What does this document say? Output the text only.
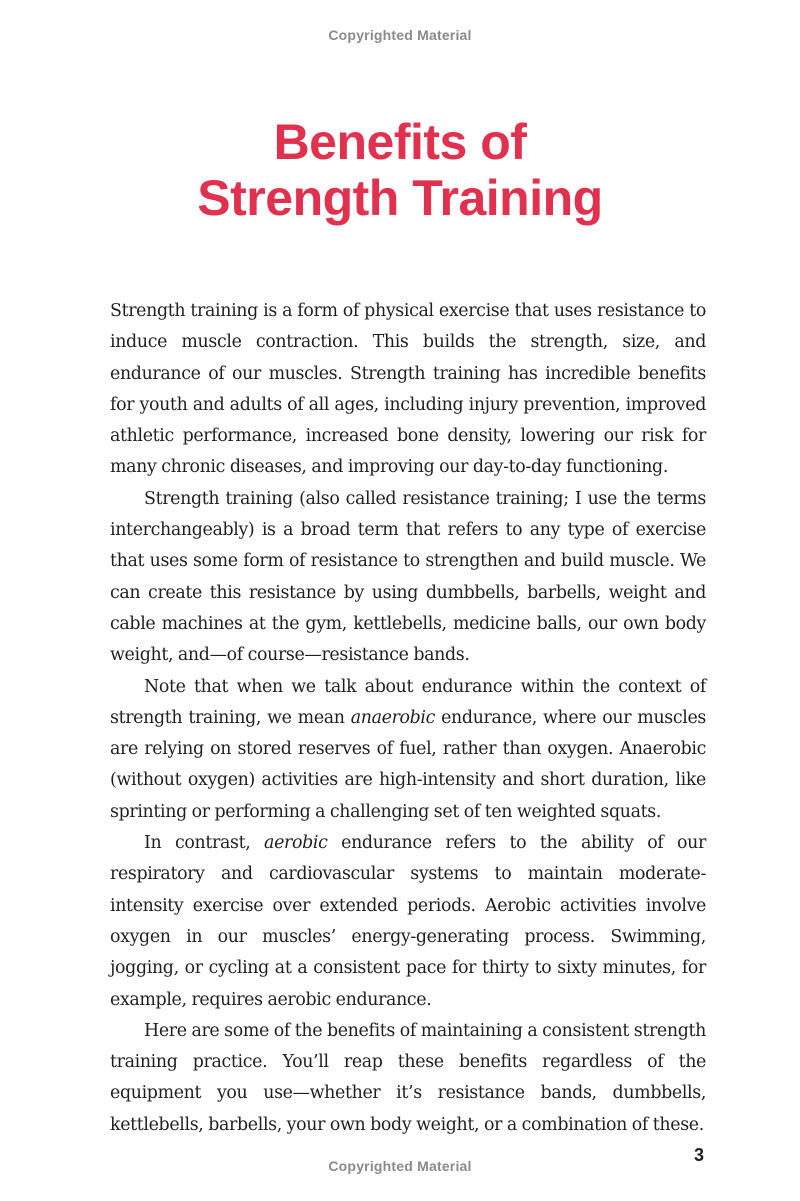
Copyrighted Material
Benefits of
Strength Training

Strength training is a form of physical exercise that uses resistance to induce muscle contraction. This builds the strength, size, and endurance of our muscles. Strength training has incredible benefits for youth and adults of all ages, including injury prevention, improved athletic performance, increased bone density, lowering our risk for many chronic diseases, and improving our day-to-day functioning.

Strength training (also called resistance training; I use the terms interchangeably) is a broad term that refers to any type of exercise that uses some form of resistance to strengthen and build muscle. We can create this resistance by using dumbbells, barbells, weight and cable machines at the gym, kettlebells, medicine balls, our own body weight, and—of course—resistance bands.

Note that when we talk about endurance within the context of strength training, we mean anaerobic endurance, where our muscles are relying on stored reserves of fuel, rather than oxygen. Anaerobic (without oxygen) activities are high-intensity and short duration, like sprinting or performing a challenging set of ten weighted squats.

In contrast, aerobic endurance refers to the ability of our respiratory and cardiovascular systems to maintain moderate-intensity exercise over extended periods. Aerobic activities involve oxygen in our muscles’ energy-generating process. Swimming, jogging, or cycling at a consistent pace for thirty to sixty minutes, for example, requires aerobic endurance.

Here are some of the benefits of maintaining a consistent strength training practice. You’ll reap these benefits regardless of the equipment you use—whether it’s resistance bands, dumbbells, kettlebells, barbells, your own body weight, or a combination of these.

3
Copyrighted Material
